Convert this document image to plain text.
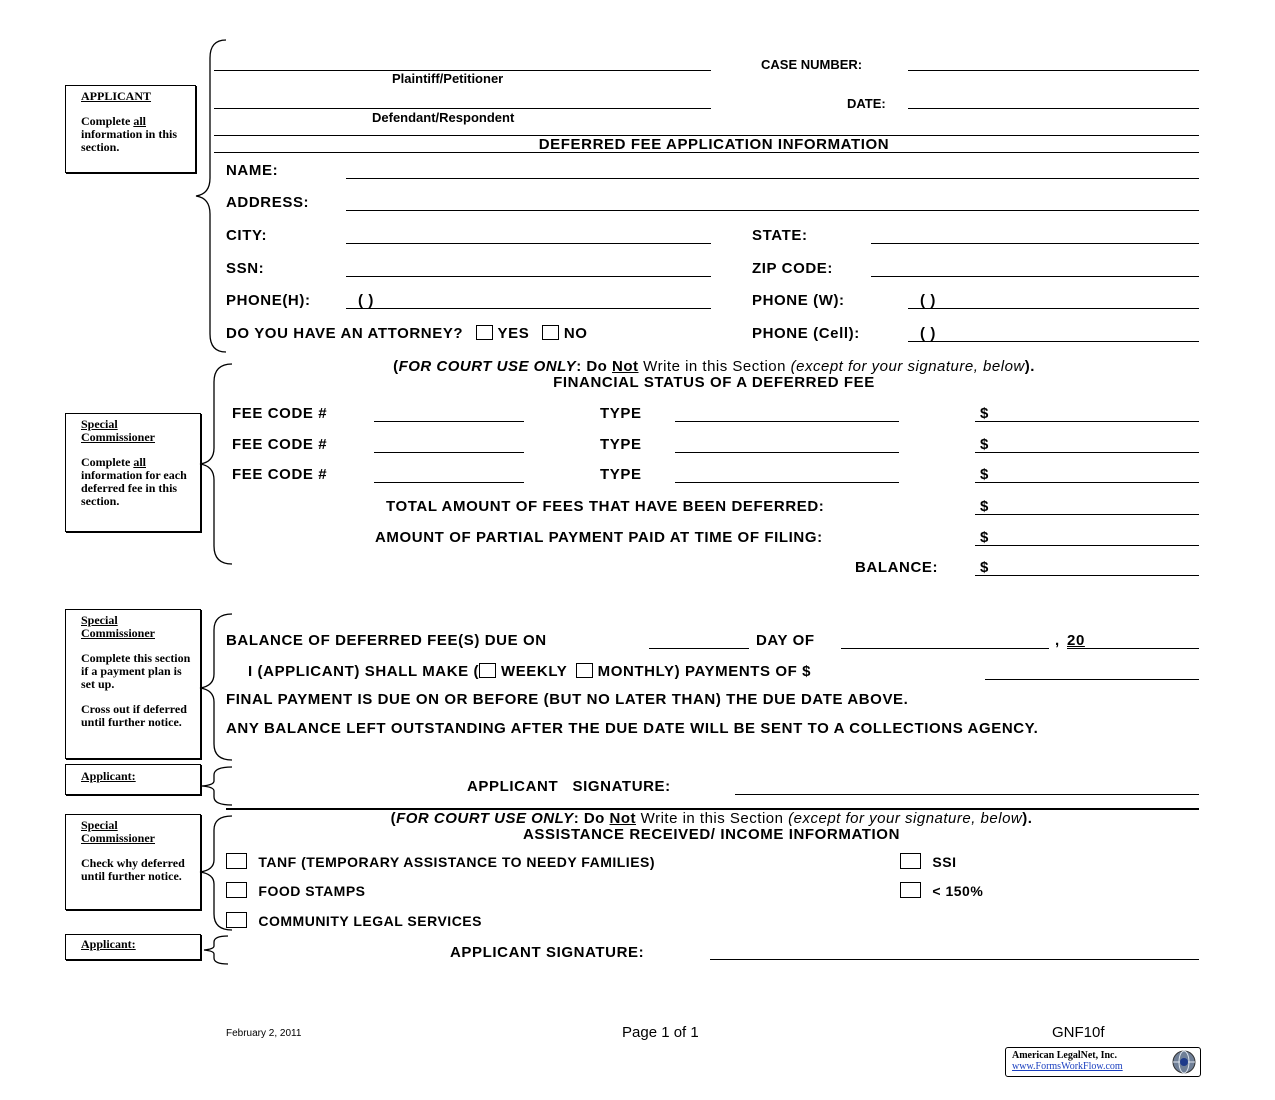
Plaintiff/Petitioner
Defendant/Respondent
CASE NUMBER:
DATE:
APPLICANT
Complete all information in this section.	DEFERRED FEE APPLICATION INFORMATION
NAME:
ADDRESS:
CITY:	STATE:
SSN:	ZIP CODE:
PHONE(H):	( )	PHONE (W):	( )
DO YOU HAVE AN ATTORNEY? YES NO	PHONE (Cell):	( )
Special Commissioner
Complete all information for each deferred fee in this section.
(FOR COURT USE ONLY: Do Not Write in this Section (except for your signature, below).
FINANCIAL STATUS OF A DEFERRED FEE
FEE CODE #	TYPE	$
FEE CODE #	TYPE	$
FEE CODE #	TYPE	$
TOTAL AMOUNT OF FEES THAT HAVE BEEN DEFERRED:	$
AMOUNT OF PARTIAL PAYMENT PAID AT TIME OF FILING:	$
BALANCE:	$
Special Commissioner
Complete this section if a payment plan is set up.
Cross out if deferred until further notice.
BALANCE OF DEFERRED FEE(S) DUE ON	DAY OF	, 20
I (APPLICANT) SHALL MAKE ( WEEKLY MONTHLY) PAYMENTS OF $
FINAL PAYMENT IS DUE ON OR BEFORE (BUT NO LATER THAN) THE DUE DATE ABOVE.
ANY BALANCE LEFT OUTSTANDING AFTER THE DUE DATE WILL BE SENT TO A COLLECTIONS AGENCY.
Applicant:
APPLICANT   SIGNATURE:
Special Commissioner
Check why deferred until further notice.
(FOR COURT USE ONLY: Do Not Write in this Section (except for your signature, below).
ASSISTANCE RECEIVED/ INCOME INFORMATION
TANF (TEMPORARY ASSISTANCE TO NEEDY FAMILIES)	SSI
FOOD STAMPS	< 150%
COMMUNITY LEGAL SERVICES
Applicant:	APPLICANT SIGNATURE:
February 2, 2011	Page 1 of 1	GNF10f
American LegalNet, Inc.
www.FormsWorkFlow.com
